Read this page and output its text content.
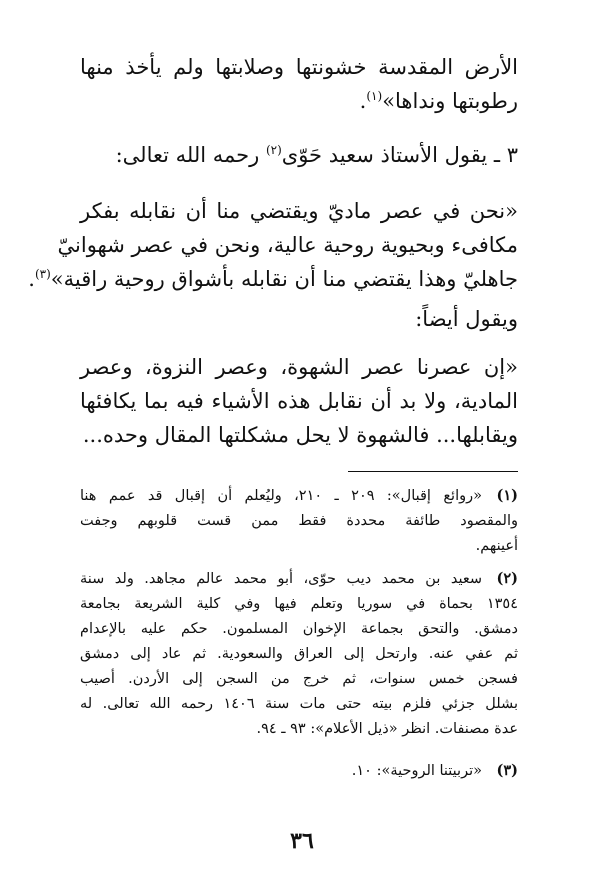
الأرض المقدسة خشونتها وصلابتها ولم يأخذ منها
رطوبتها ونداها»$^{(١)}$.
٣ ـ يقول الأستاذ سعيد حَوّى$^{(٢)}$ رحمه الله تعالى:
«نحن في عصر ماديّ ويقتضي منا أن نقابله بفكر
مكافىء وبحيوية روحية عالية، ونحن في عصر شهوانيّ
جاهليّ وهذا يقتضي منا أن نقابله بأشواق روحية راقية»$^{(٣)}$.
ويقول أيضاً:
«إن عصرنا عصر الشهوة، وعصر النزوة، وعصر
المادية، ولا بد أن نقابل هذه الأشياء فيه بما يكافئها
ويقابلها... فالشهوة لا يحل مشكلتها المقال وحده...
(١)
«روائع إقبال»: ٢٠٩ ـ ٢١٠، وليُعلم أن إقبال قد عمم هنا
والمقصود طائفة محددة فقط ممن قست قلوبهم وجفت
أعينهم.
(٢)
سعيد بن محمد ديب حوّى، أبو محمد عالم مجاهد. ولد سنة
١٣٥٤ بحماة في سوريا وتعلم فيها وفي كلية الشريعة بجامعة
دمشق. والتحق بجماعة الإخوان المسلمون. حكم عليه بالإعدام
ثم عفي عنه. وارتحل إلى العراق والسعودية. ثم عاد إلى دمشق
فسجن خمس سنوات، ثم خرج من السجن إلى الأردن. أصيب
بشلل جزئي فلزم بيته حتى مات سنة ١٤٠٦ رحمه الله تعالى. له
عدة مصنفات. انظر «ذيل الأعلام»: ٩٣ ـ ٩٤.
(٣)
«تربيتنا الروحية»: ١٠.
٣٦
